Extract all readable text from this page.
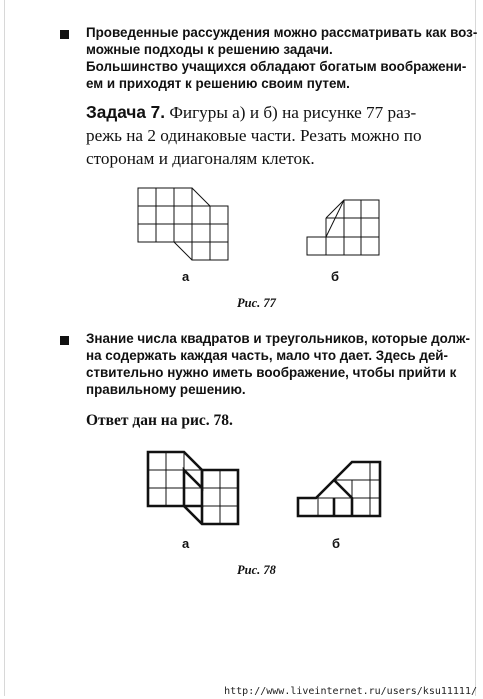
Проведенные рассуждения можно рассматривать как воз-
можные подходы к решению задачи.
Большинство учащихся обладают богатым воображени-
ем и приходят к решению своим путем.
Задача 7. Фигуры а) и б) на рисунке 77 раз-
режь на 2 одинаковые части. Резать можно по
сторонам и диагоналям клеток.
а	б
Рис. 77
Знание числа квадратов и треугольников, которые долж-
на содержать каждая часть, мало что дает. Здесь дей-
ствительно нужно иметь воображение, чтобы прийти к
правильному решению.
Ответ дан на рис. 78.
а	б
Рис. 78
http://www.liveinternet.ru/users/ksu11111/
